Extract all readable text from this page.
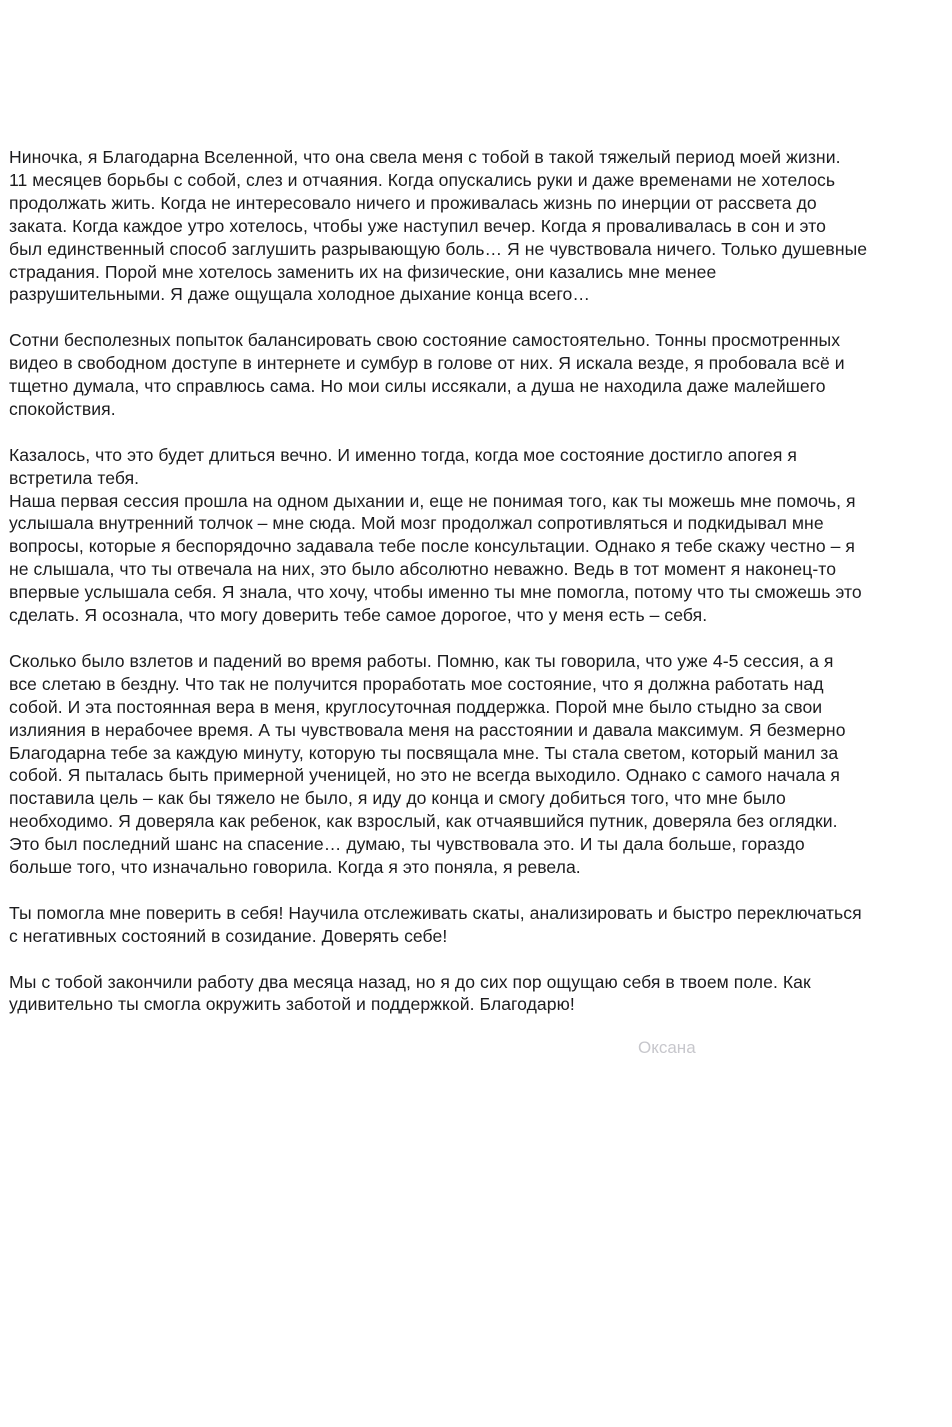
Ниночка, я Благодарна Вселенной, что она свела меня с тобой в такой тяжелый период моей жизни.
11 месяцев борьбы с собой, слез и отчаяния. Когда опускались руки и даже временами не хотелось
продолжать жить. Когда не интересовало ничего и проживалась жизнь по инерции от рассвета до
заката. Когда каждое утро хотелось, чтобы уже наступил вечер. Когда я проваливалась в сон и это
был единственный способ заглушить разрывающую боль… Я не чувствовала ничего. Только душевные
страдания. Порой мне хотелось заменить их на физические, они казались мне менее
разрушительными. Я даже ощущала холодное дыхание конца всего…

Сотни бесполезных попыток балансировать свою состояние самостоятельно. Тонны просмотренных
видео в свободном доступе в интернете и сумбур в голове от них. Я искала везде, я пробовала всё и
тщетно думала, что справлюсь сама. Но мои силы иссякали, а душа не находила даже малейшего
спокойствия.

Казалось, что это будет длиться вечно. И именно тогда, когда мое состояние достигло апогея я
встретила тебя.

Наша первая сессия прошла на одном дыхании и, еще не понимая того, как ты можешь мне помочь, я
услышала внутренний толчок – мне сюда. Мой мозг продолжал сопротивляться и подкидывал мне
вопросы, которые я беспорядочно задавала тебе после консультации. Однако я тебе скажу честно – я
не слышала, что ты отвечала на них, это было абсолютно неважно. Ведь в тот момент я наконец-то
впервые услышала себя. Я знала, что хочу, чтобы именно ты мне помогла, потому что ты сможешь это
сделать. Я осознала, что могу доверить тебе самое дорогое, что у меня есть – себя.

Сколько было взлетов и падений во время работы. Помню, как ты говорила, что уже 4-5 сессия, а я
все слетаю в бездну. Что так не получится проработать мое состояние, что я должна работать над
собой. И эта постоянная вера в меня, круглосуточная поддержка. Порой мне было стыдно за свои
излияния в нерабочее время. А ты чувствовала меня на расстоянии и давала максимум. Я безмерно
Благодарна тебе за каждую минуту, которую ты посвящала мне. Ты стала светом, который манил за
собой. Я пыталась быть примерной ученицей, но это не всегда выходило. Однако с самого начала я
поставила цель – как бы тяжело не было, я иду до конца и смогу добиться того, что мне было
необходимо. Я доверяла как ребенок, как взрослый, как отчаявшийся путник, доверяла без оглядки.
Это был последний шанс на спасение… думаю, ты чувствовала это. И ты дала больше, гораздо
больше того, что изначально говорила. Когда я это поняла, я ревела.

Ты помогла мне поверить в себя! Научила отслеживать скаты, анализировать и быстро переключаться
с негативных состояний в созидание. Доверять себе!

Мы с тобой закончили работу два месяца назад, но я до сих пор ощущаю себя в твоем поле. Как
удивительно ты смогла окружить заботой и поддержкой. Благодарю!

Оксана
